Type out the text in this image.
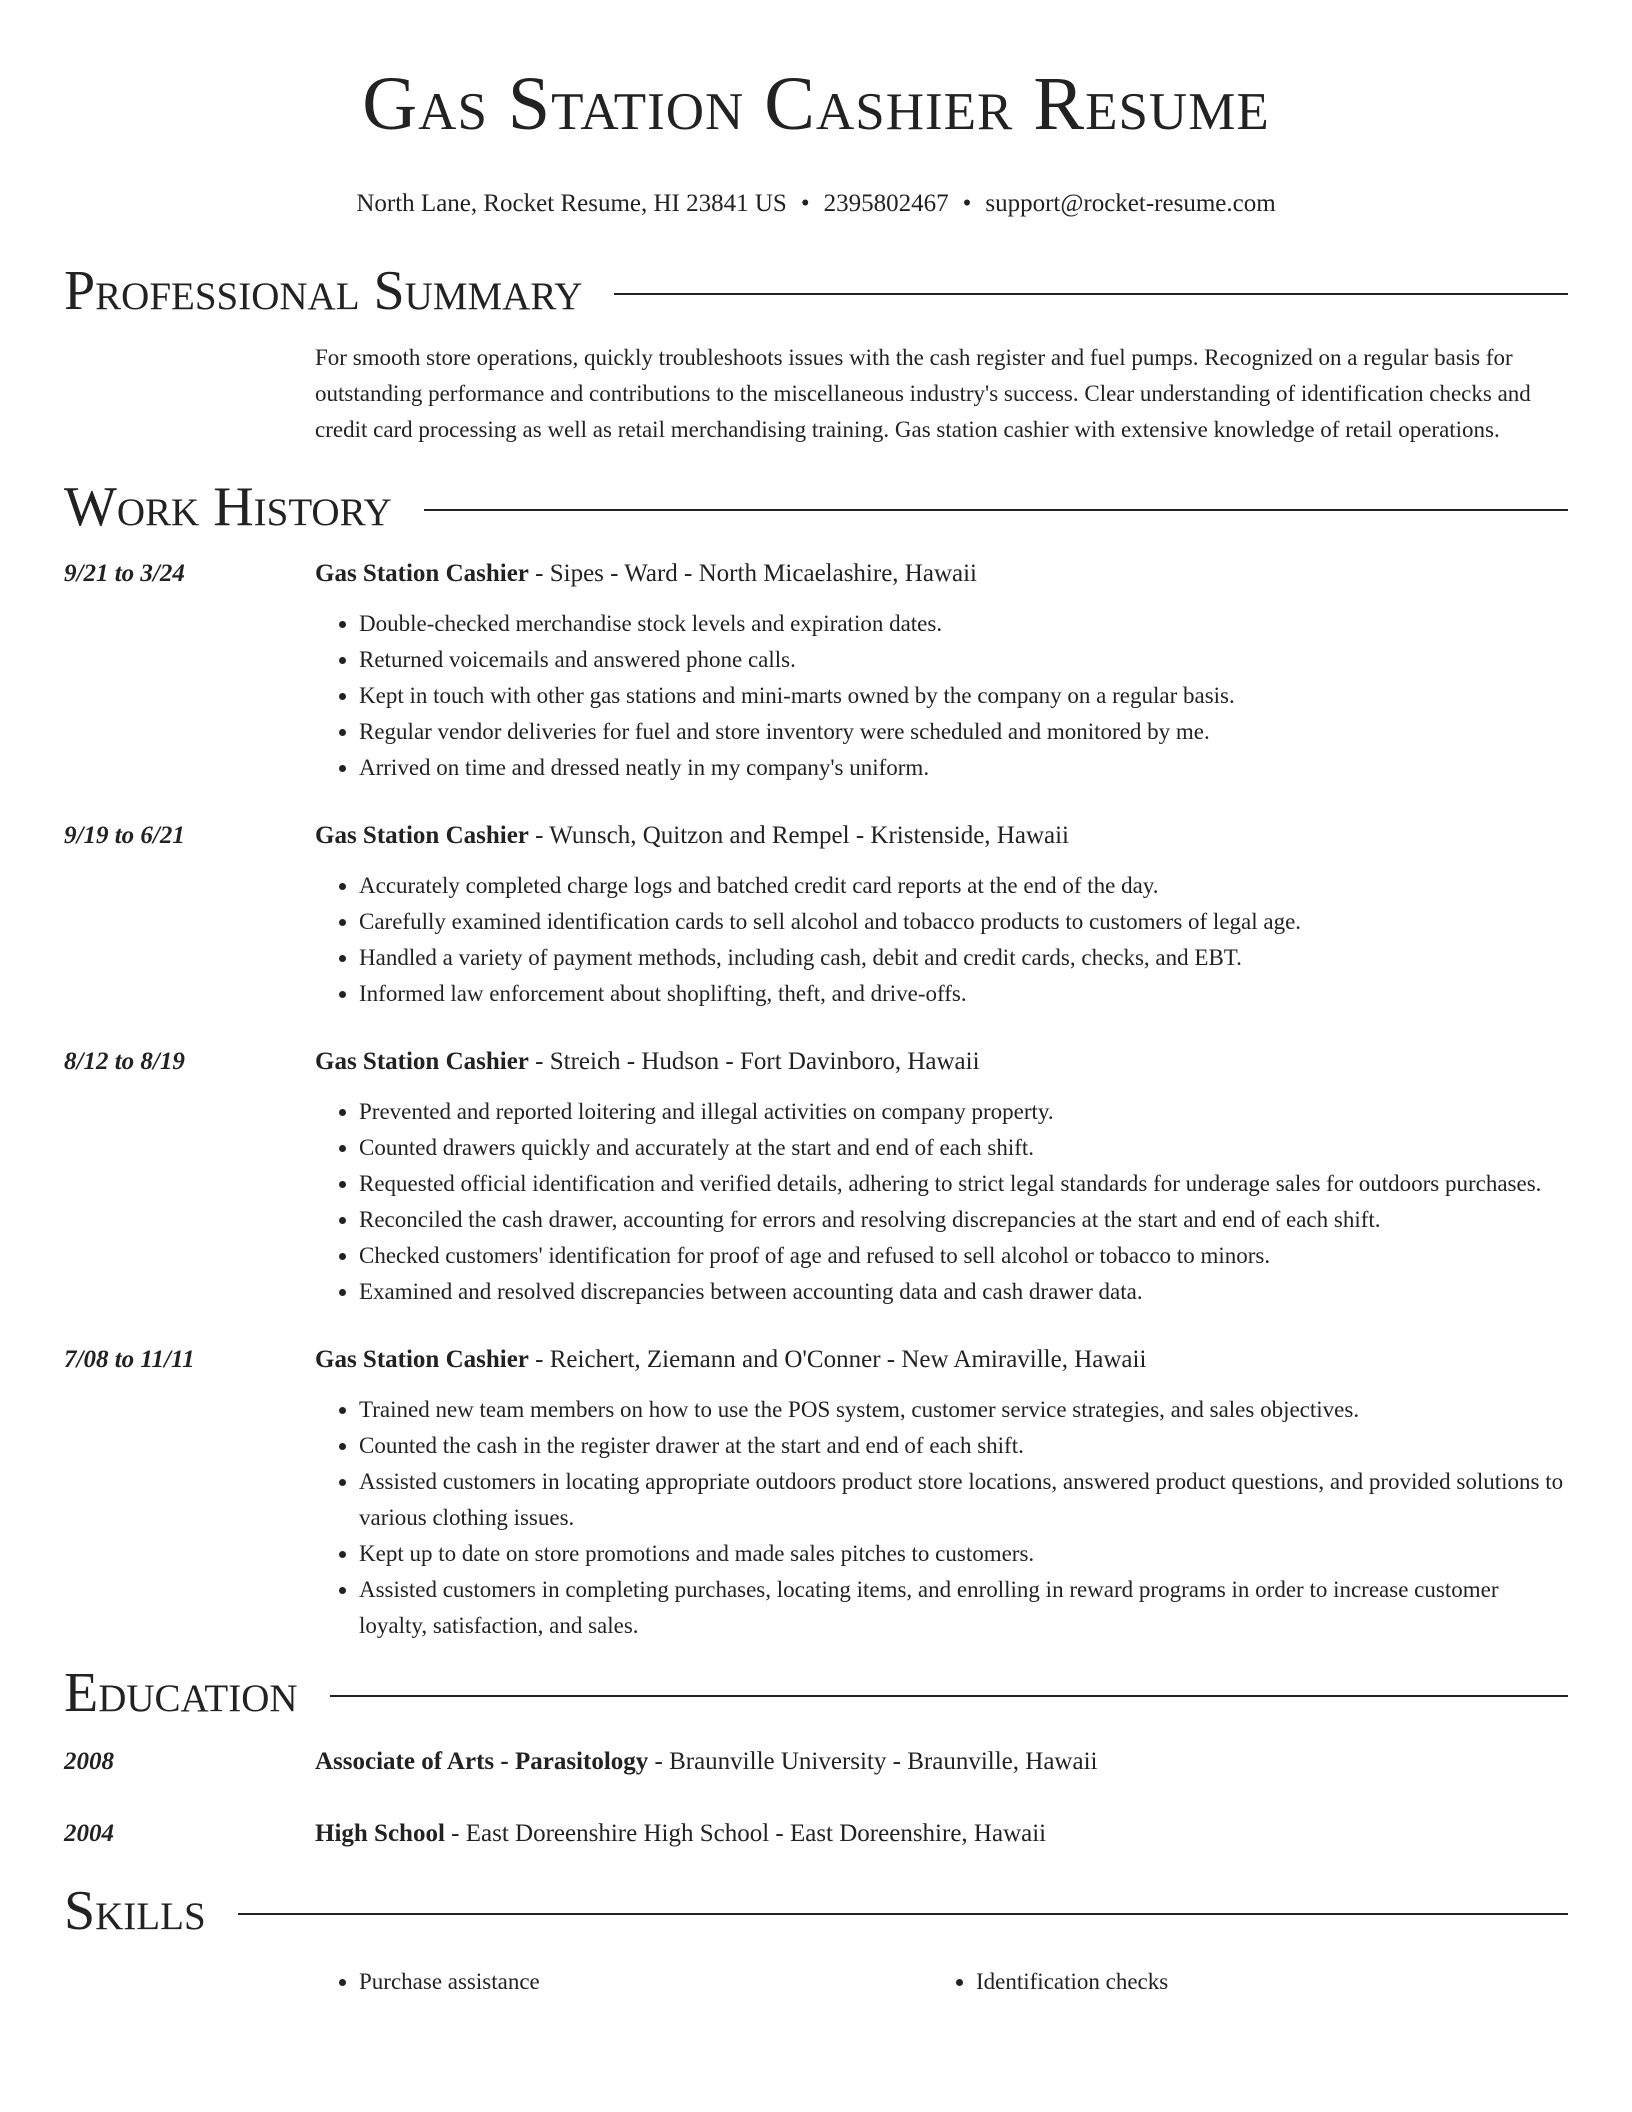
Gas Station Cashier Resume
North Lane, Rocket Resume, HI 23841 US • 2395802467 • support@rocket-resume.com
Professional Summary
For smooth store operations, quickly troubleshoots issues with the cash register and fuel pumps. Recognized on a regular basis for outstanding performance and contributions to the miscellaneous industry's success. Clear understanding of identification checks and credit card processing as well as retail merchandising training. Gas station cashier with extensive knowledge of retail operations.
Work History
9/21 to 3/24	Gas Station Cashier - Sipes - Ward - North Micaelashire, Hawaii
• Double-checked merchandise stock levels and expiration dates.
• Returned voicemails and answered phone calls.
• Kept in touch with other gas stations and mini-marts owned by the company on a regular basis.
• Regular vendor deliveries for fuel and store inventory were scheduled and monitored by me.
• Arrived on time and dressed neatly in my company's uniform.
9/19 to 6/21	Gas Station Cashier - Wunsch, Quitzon and Rempel - Kristenside, Hawaii
• Accurately completed charge logs and batched credit card reports at the end of the day.
• Carefully examined identification cards to sell alcohol and tobacco products to customers of legal age.
• Handled a variety of payment methods, including cash, debit and credit cards, checks, and EBT.
• Informed law enforcement about shoplifting, theft, and drive-offs.
8/12 to 8/19	Gas Station Cashier - Streich - Hudson - Fort Davinboro, Hawaii
• Prevented and reported loitering and illegal activities on company property.
• Counted drawers quickly and accurately at the start and end of each shift.
• Requested official identification and verified details, adhering to strict legal standards for underage sales for outdoors purchases.
• Reconciled the cash drawer, accounting for errors and resolving discrepancies at the start and end of each shift.
• Checked customers' identification for proof of age and refused to sell alcohol or tobacco to minors.
• Examined and resolved discrepancies between accounting data and cash drawer data.
7/08 to 11/11	Gas Station Cashier - Reichert, Ziemann and O'Conner - New Amiraville, Hawaii
• Trained new team members on how to use the POS system, customer service strategies, and sales objectives.
• Counted the cash in the register drawer at the start and end of each shift.
• Assisted customers in locating appropriate outdoors product store locations, answered product questions, and provided solutions to various clothing issues.
• Kept up to date on store promotions and made sales pitches to customers.
• Assisted customers in completing purchases, locating items, and enrolling in reward programs in order to increase customer loyalty, satisfaction, and sales.
Education
2008	Associate of Arts - Parasitology - Braunville University - Braunville, Hawaii
2004	High School - East Doreenshire High School - East Doreenshire, Hawaii
Skills
• Purchase assistance
•	Identification checks
